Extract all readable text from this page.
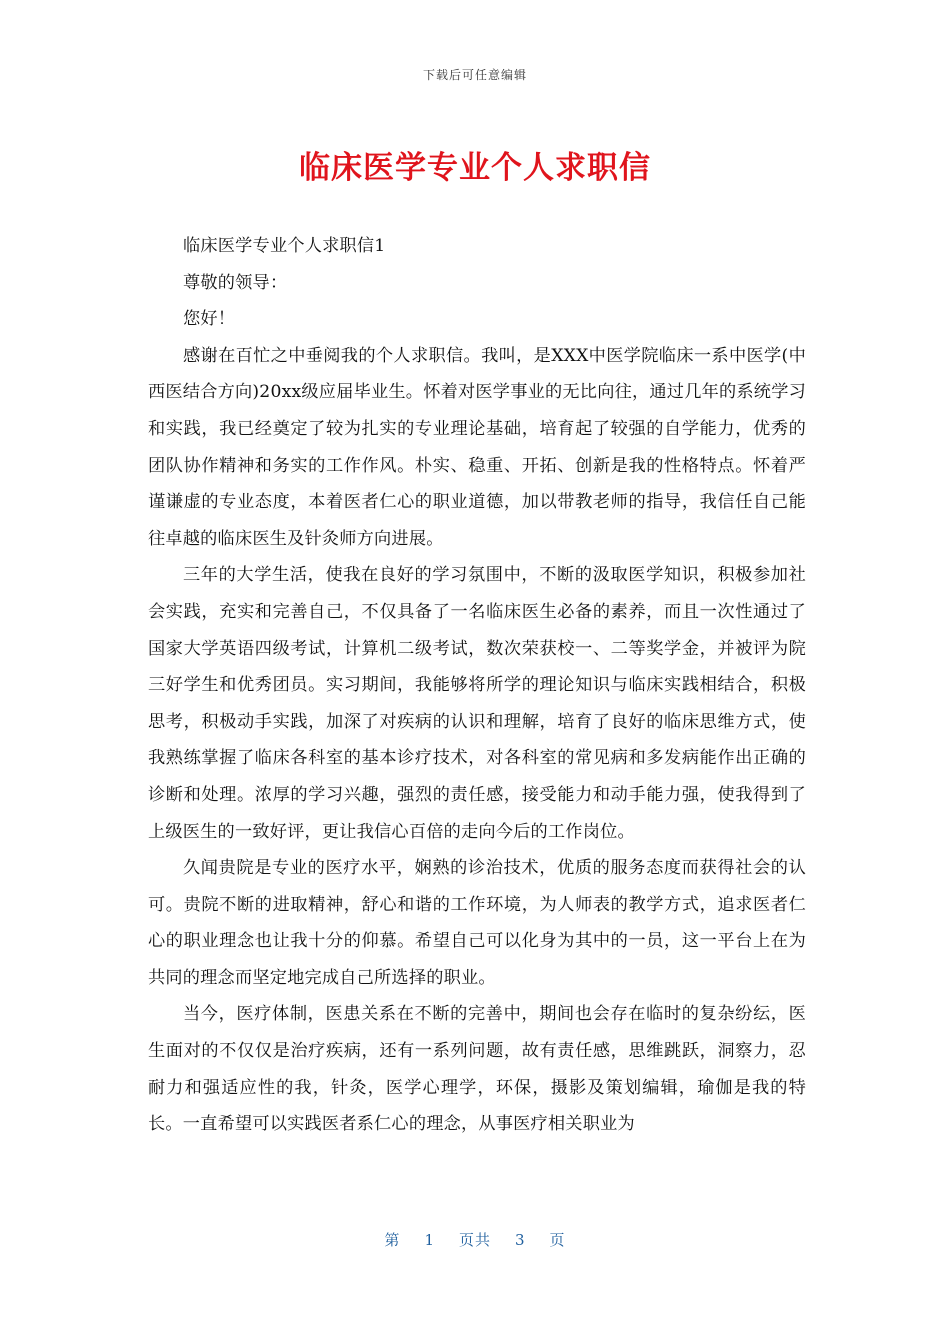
下载后可任意编辑
临床医学专业个人求职信

临床医学专业个人求职信1

尊敬的领导：

您好！

感谢在百忙之中垂阅我的个人求职信。我叫，是XXX中医学院临床一系中医学(中西医结合方向)20xx级应届毕业生。怀着对医学事业的无比向往，通过几年的系统学习和实践，我已经奠定了较为扎实的专业理论基础，培育起了较强的自学能力，优秀的团队协作精神和务实的工作作风。朴实、稳重、开拓、创新是我的性格特点。怀着严谨谦虚的专业态度，本着医者仁心的职业道德，加以带教老师的指导，我信任自己能往卓越的临床医生及针灸师方向进展。

三年的大学生活，使我在良好的学习氛围中，不断的汲取医学知识，积极参加社会实践，充实和完善自己，不仅具备了一名临床医生必备的素养，而且一次性通过了国家大学英语四级考试，计算机二级考试，数次荣获校一、二等奖学金，并被评为院三好学生和优秀团员。实习期间，我能够将所学的理论知识与临床实践相结合，积极思考，积极动手实践，加深了对疾病的认识和理解，培育了良好的临床思维方式，使我熟练掌握了临床各科室的基本诊疗技术，对各科室的常见病和多发病能作出正确的诊断和处理。浓厚的学习兴趣，强烈的责任感，接受能力和动手能力强，使我得到了上级医生的一致好评，更让我信心百倍的走向今后的工作岗位。

久闻贵院是专业的医疗水平，娴熟的诊治技术，优质的服务态度而获得社会的认可。贵院不断的进取精神，舒心和谐的工作环境，为人师表的教学方式，追求医者仁心的职业理念也让我十分的仰慕。希望自己可以化身为其中的一员，这一平台上在为共同的理念而坚定地完成自己所选择的职业。

当今，医疗体制，医患关系在不断的完善中，期间也会存在临时的复杂纷纭，医生面对的不仅仅是治疗疾病，还有一系列问题，故有责任感，思维跳跃，洞察力，忍耐力和强适应性的我，针灸，医学心理学，环保，摄影及策划编辑，瑜伽是我的特长。一直希望可以实践医者系仁心的理念，从事医疗相关职业为

第 1 页共 3 页
